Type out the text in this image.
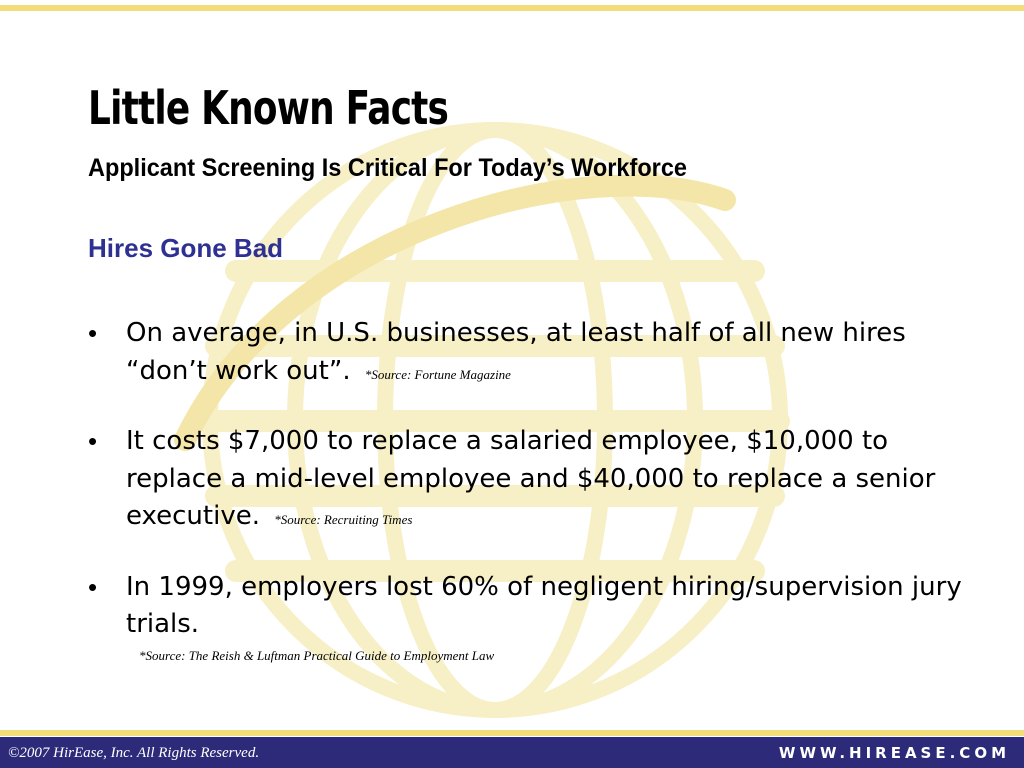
Little Known Facts
Applicant Screening Is Critical For Today’s Workforce
Hires Gone Bad
• On average, in U.S. businesses, at least half of all new hires “don’t work out”. *Source: Fortune Magazine
• It costs $7,000 to replace a salaried employee, $10,000 to replace a mid-level employee and $40,000 to replace a senior executive. *Source: Recruiting Times
• In 1999, employers lost 60% of negligent hiring/supervision jury trials.
*Source: The Reish & Luftman Practical Guide to Employment Law
©2007 HirEase, Inc. All Rights Reserved.	WWW.HIREASE.COM
